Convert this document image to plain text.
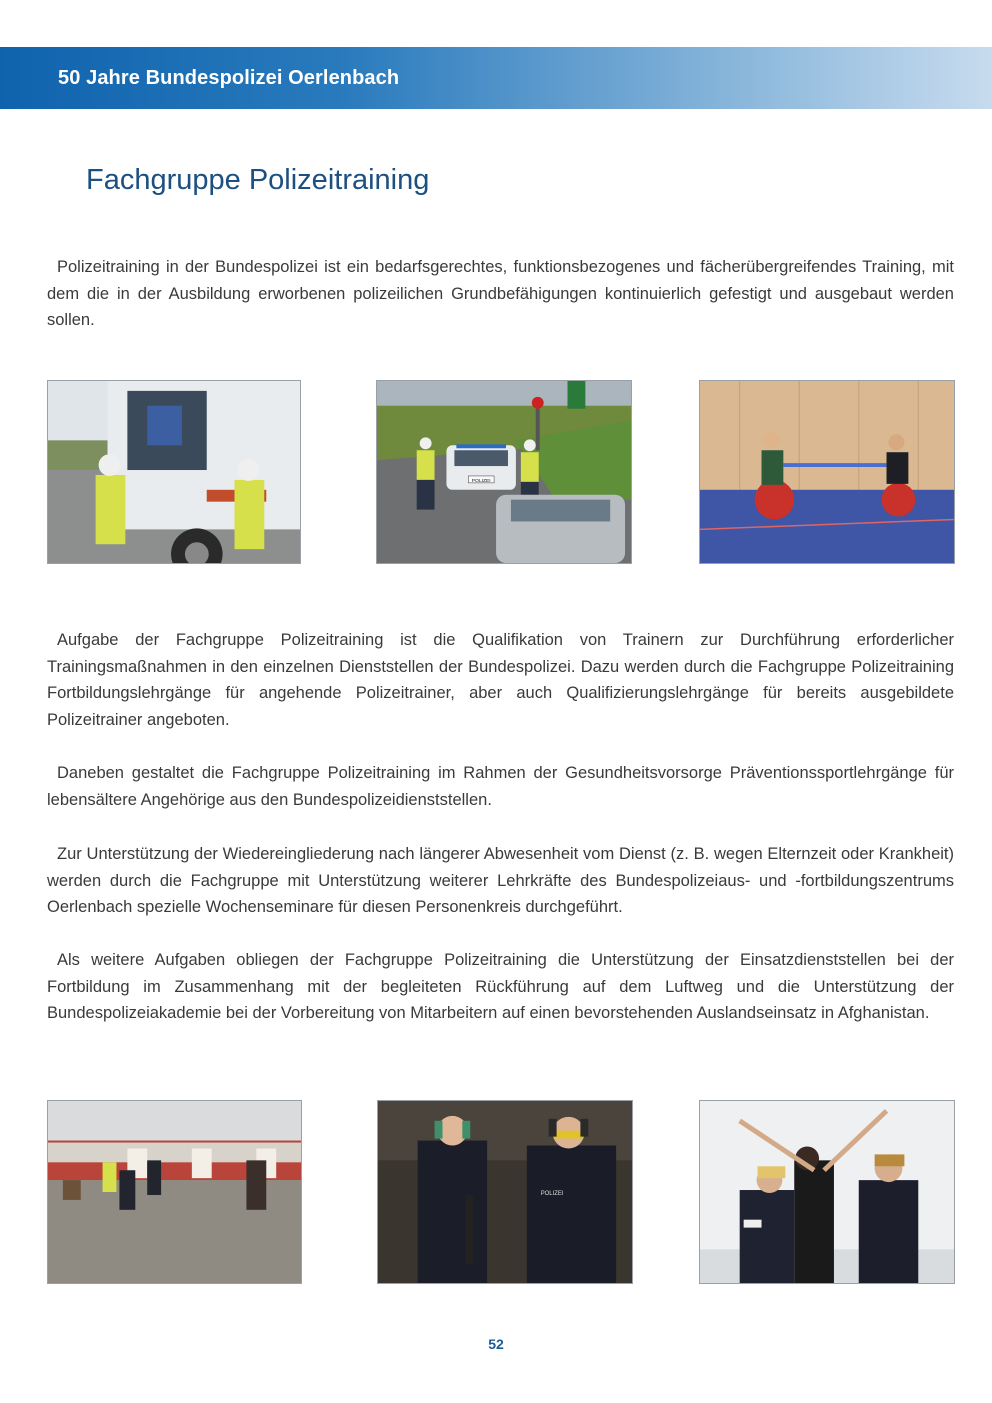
50 Jahre Bundespolizei Oerlenbach
Fachgruppe Polizeitraining

Polizeitraining in der Bundespolizei ist ein bedarfsgerechtes, funktionsbezogenes und fächerübergreifendes Training, mit dem die in der Ausbildung erworbenen polizeilichen Grundbefähigungen kontinuierlich gefestigt und ausgebaut werden sollen.

POLIZEI

Aufgabe der Fachgruppe Polizeitraining ist die Qualifikation von Trainern zur Durchführung erforderlicher Trainingsmaßnahmen in den einzelnen Dienststellen der Bundespolizei. Dazu werden durch die Fachgruppe Polizeitraining Fortbildungslehrgänge für angehende Polizeitrainer, aber auch Qualifizierungslehrgänge für bereits ausgebildete Polizeitrainer angeboten.

Daneben gestaltet die Fachgruppe Polizeitraining im Rahmen der Gesundheitsvorsorge Präventionssportlehrgänge für lebensältere Angehörige aus den Bundespolizeidienststellen.

Zur Unterstützung der Wiedereingliederung nach längerer Abwesenheit vom Dienst (z. B. wegen Elternzeit oder Krankheit) werden durch die Fachgruppe mit Unterstützung weiterer Lehrkräfte des Bundespolizeiaus- und -fortbildungszentrums Oerlenbach spezielle Wochenseminare für diesen Personenkreis durchgeführt.

Als weitere Aufgaben obliegen der Fachgruppe Polizeitraining die Unterstützung der Einsatzdienststellen bei der Fortbildung im Zusammenhang mit der begleiteten Rückführung auf dem Luftweg und die Unterstützung der Bundespolizeiakademie bei der Vorbereitung von Mitarbeitern auf einen bevorstehenden Auslandseinsatz in Afghanistan.

POLIZEI
52
